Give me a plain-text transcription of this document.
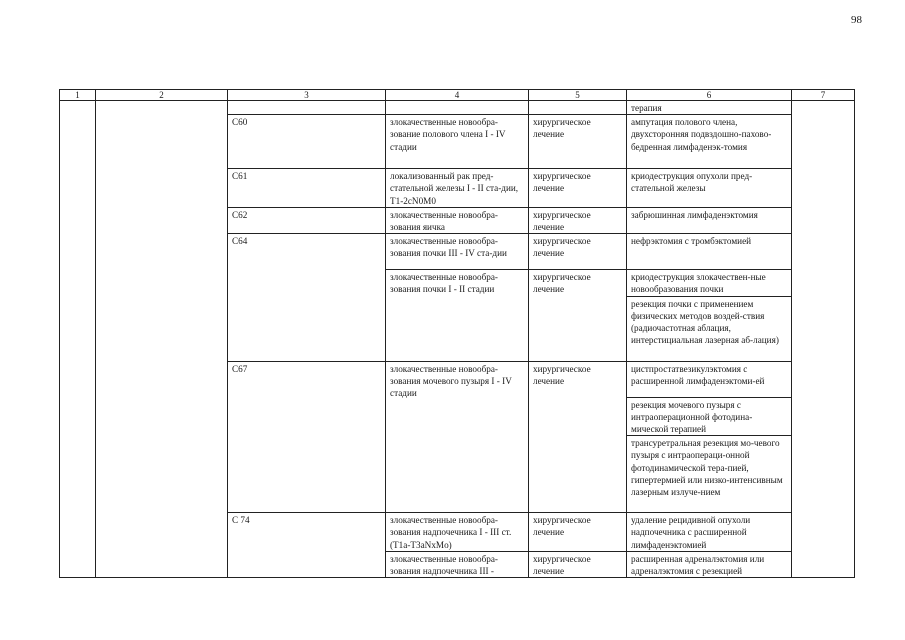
98
1	2	3	4	5	6	7
					терапия	
		C60	злокачественные новообра-зование полового члена I - IV стадии	хирургическое лечение	ампутация полового члена, двухсторонняя подвздошно-пахово-бедренная лимфаденэк-томия	
		C61	локализованный рак пред-стательной железы I - II ста-дии, T1-2cN0M0	хирургическое лечение	криодеструкция опухоли пред-стательной железы	
		C62	злокачественные новообра-зования яичка	хирургическое лечение	забрюшинная лимфаденэктомия	
		C64	злокачественные новообра-зования почки III - IV ста-дии	хирургическое лечение	нефрэктомия с тромбэктомией	
			злокачественные новообра-зования почки I - II стадии	хирургическое лечение	криодеструкция злокачествен-ные новообразования почки	
					резекция почки с применением физических методов воздей-ствия (радиочастотная аблация, интерстициальная лазерная аб-лация)	
		C67	злокачественные новообра-зования мочевого пузыря I - IV стадии	хирургическое лечение	цистпростатвезикулэктомия с расширенной лимфаденэктоми-ей	
					резекция мочевого пузыря с интраоперационной фотодина-мической терапией	
					трансуретральная резекция мо-чевого пузыря с интраопераци-онной фотодинамической тера-пией, гипертермией или низко-интенсивным лазерным излуче-нием	
		C 74	злокачественные новообра-зования надпочечника I - III ст. (T1a-T3aNxMo)	хирургическое лечение	удаление рецидивной опухоли надпочечника с расширенной лимфаденэктомией	
			злокачественные новообра-зования надпочечника III -	хирургическое лечение	расширенная адреналэктомия или адреналэктомия с резекцией	
